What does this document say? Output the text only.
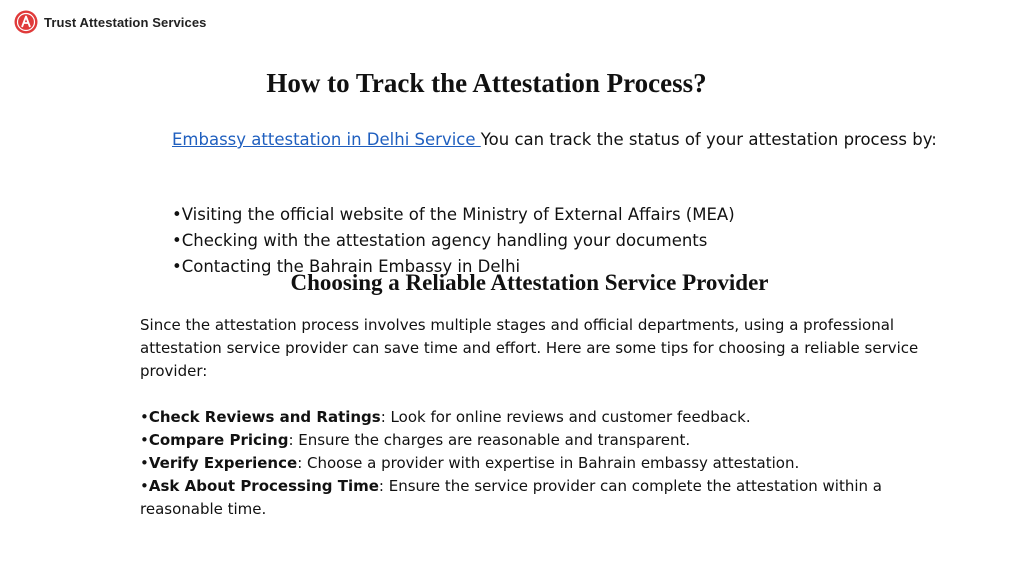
Trust Attestation Services
How to Track the Attestation Process?
Embassy attestation in Delhi Service You can track the status of your attestation process by:
•Visiting the official website of the Ministry of External Affairs (MEA)
•Checking with the attestation agency handling your documents
•Contacting the Bahrain Embassy in Delhi
Choosing a Reliable Attestation Service Provider
Since the attestation process involves multiple stages and official departments, using a professional attestation service provider can save time and effort. Here are some tips for choosing a reliable service provider:
•Check Reviews and Ratings: Look for online reviews and customer feedback.
•Compare Pricing: Ensure the charges are reasonable and transparent.
•Verify Experience: Choose a provider with expertise in Bahrain embassy attestation.
•Ask About Processing Time: Ensure the service provider can complete the attestation within a reasonable time.
